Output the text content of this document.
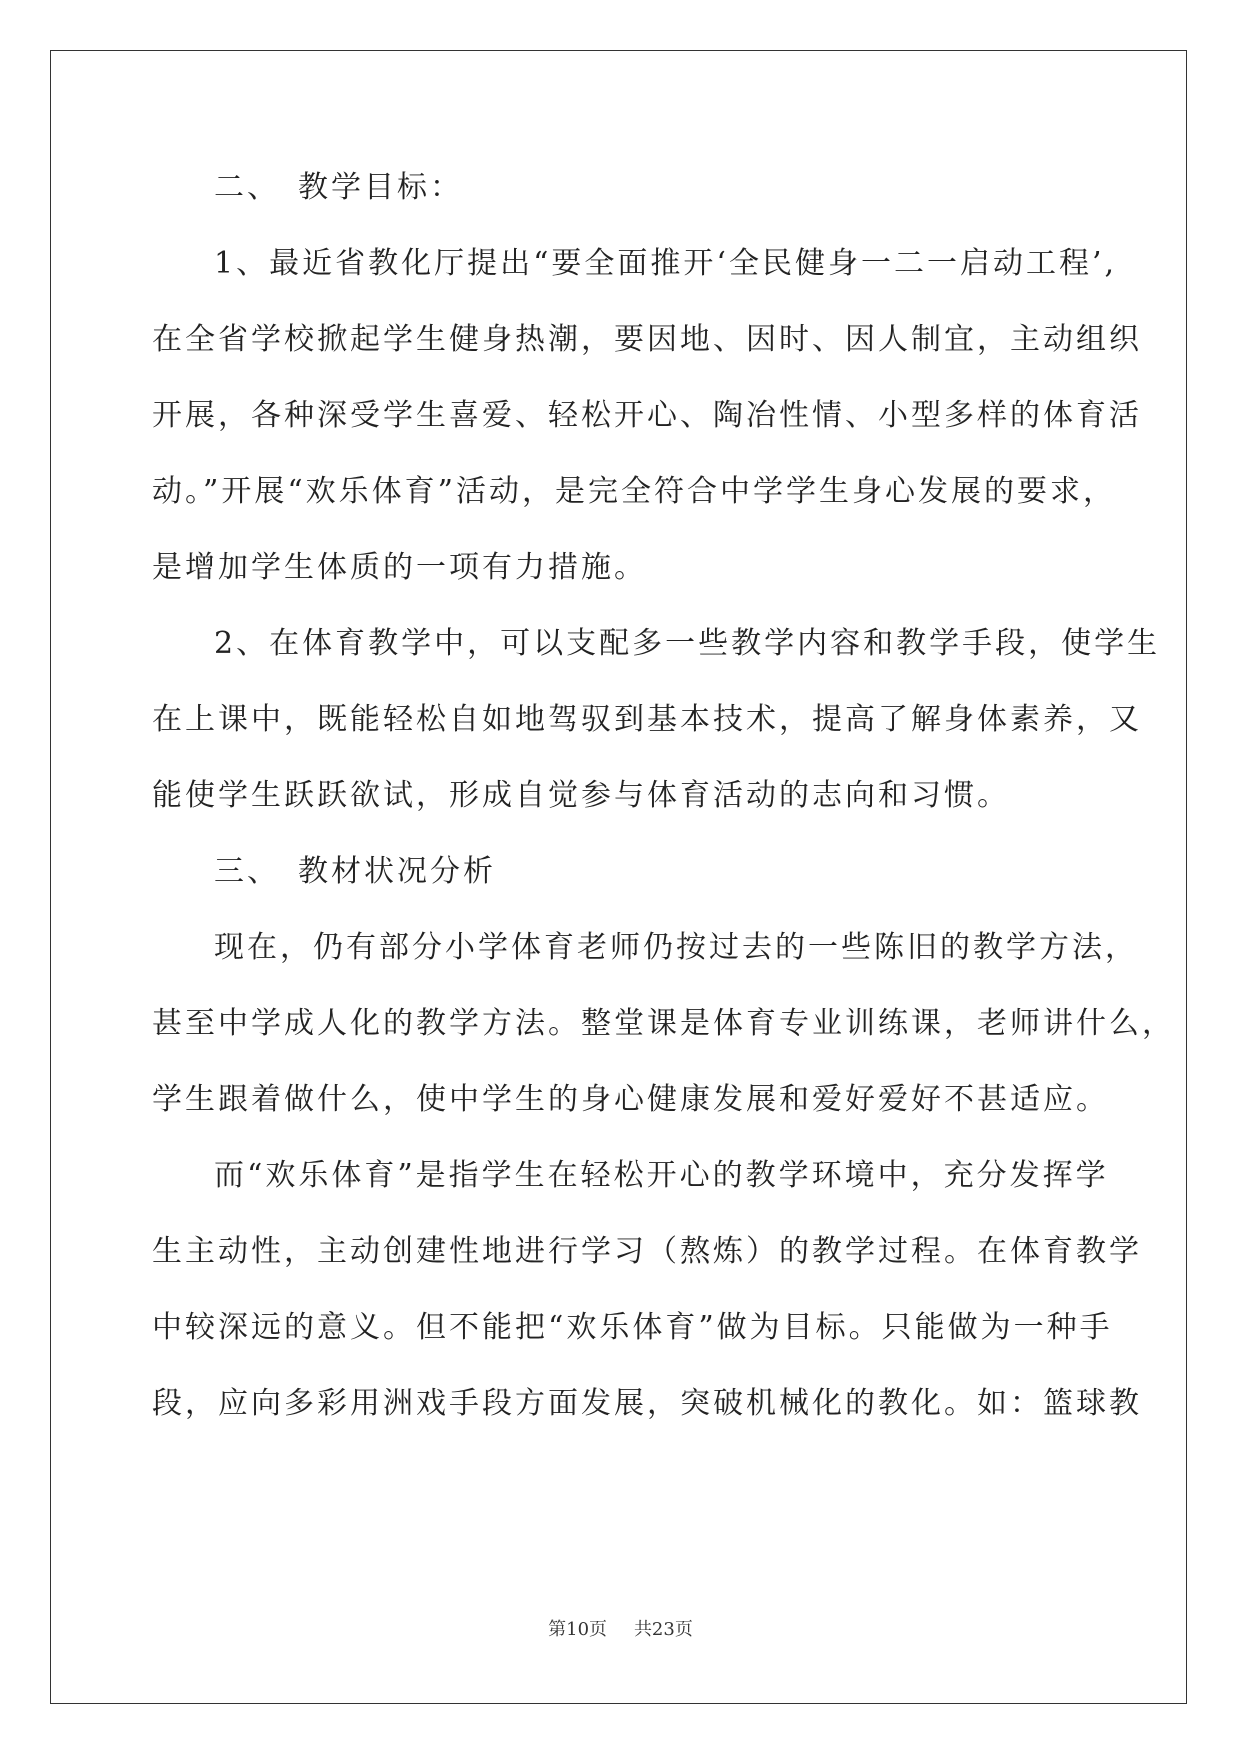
二、　教学目标：
1、最近省教化厅提出“要全面推开‘全民健身一二一启动工程’,
在全省学校掀起学生健身热潮，要因地、因时、因人制宜，主动组织
开展，各种深受学生喜爱、轻松开心、陶冶性情、小型多样的体育活
动。”开展“欢乐体育”活动，是完全符合中学学生身心发展的要求，
是增加学生体质的一项有力措施。
2、在体育教学中，可以支配多一些教学内容和教学手段，使学生
在上课中，既能轻松自如地驾驭到基本技术，提高了解身体素养，又
能使学生跃跃欲试，形成自觉参与体育活动的志向和习惯。
三、　教材状况分析
现在，仍有部分小学体育老师仍按过去的一些陈旧的教学方法，
甚至中学成人化的教学方法。整堂课是体育专业训练课，老师讲什么，
学生跟着做什么，使中学生的身心健康发展和爱好爱好不甚适应。
而“欢乐体育”是指学生在轻松开心的教学环境中，充分发挥学
生主动性，主动创建性地进行学习（熬炼）的教学过程。在体育教学
中较深远的意义。但不能把“欢乐体育”做为目标。只能做为一种手
段，应向多彩用洲戏手段方面发展，突破机械化的教化。如：篮球教
第10页 共23页
